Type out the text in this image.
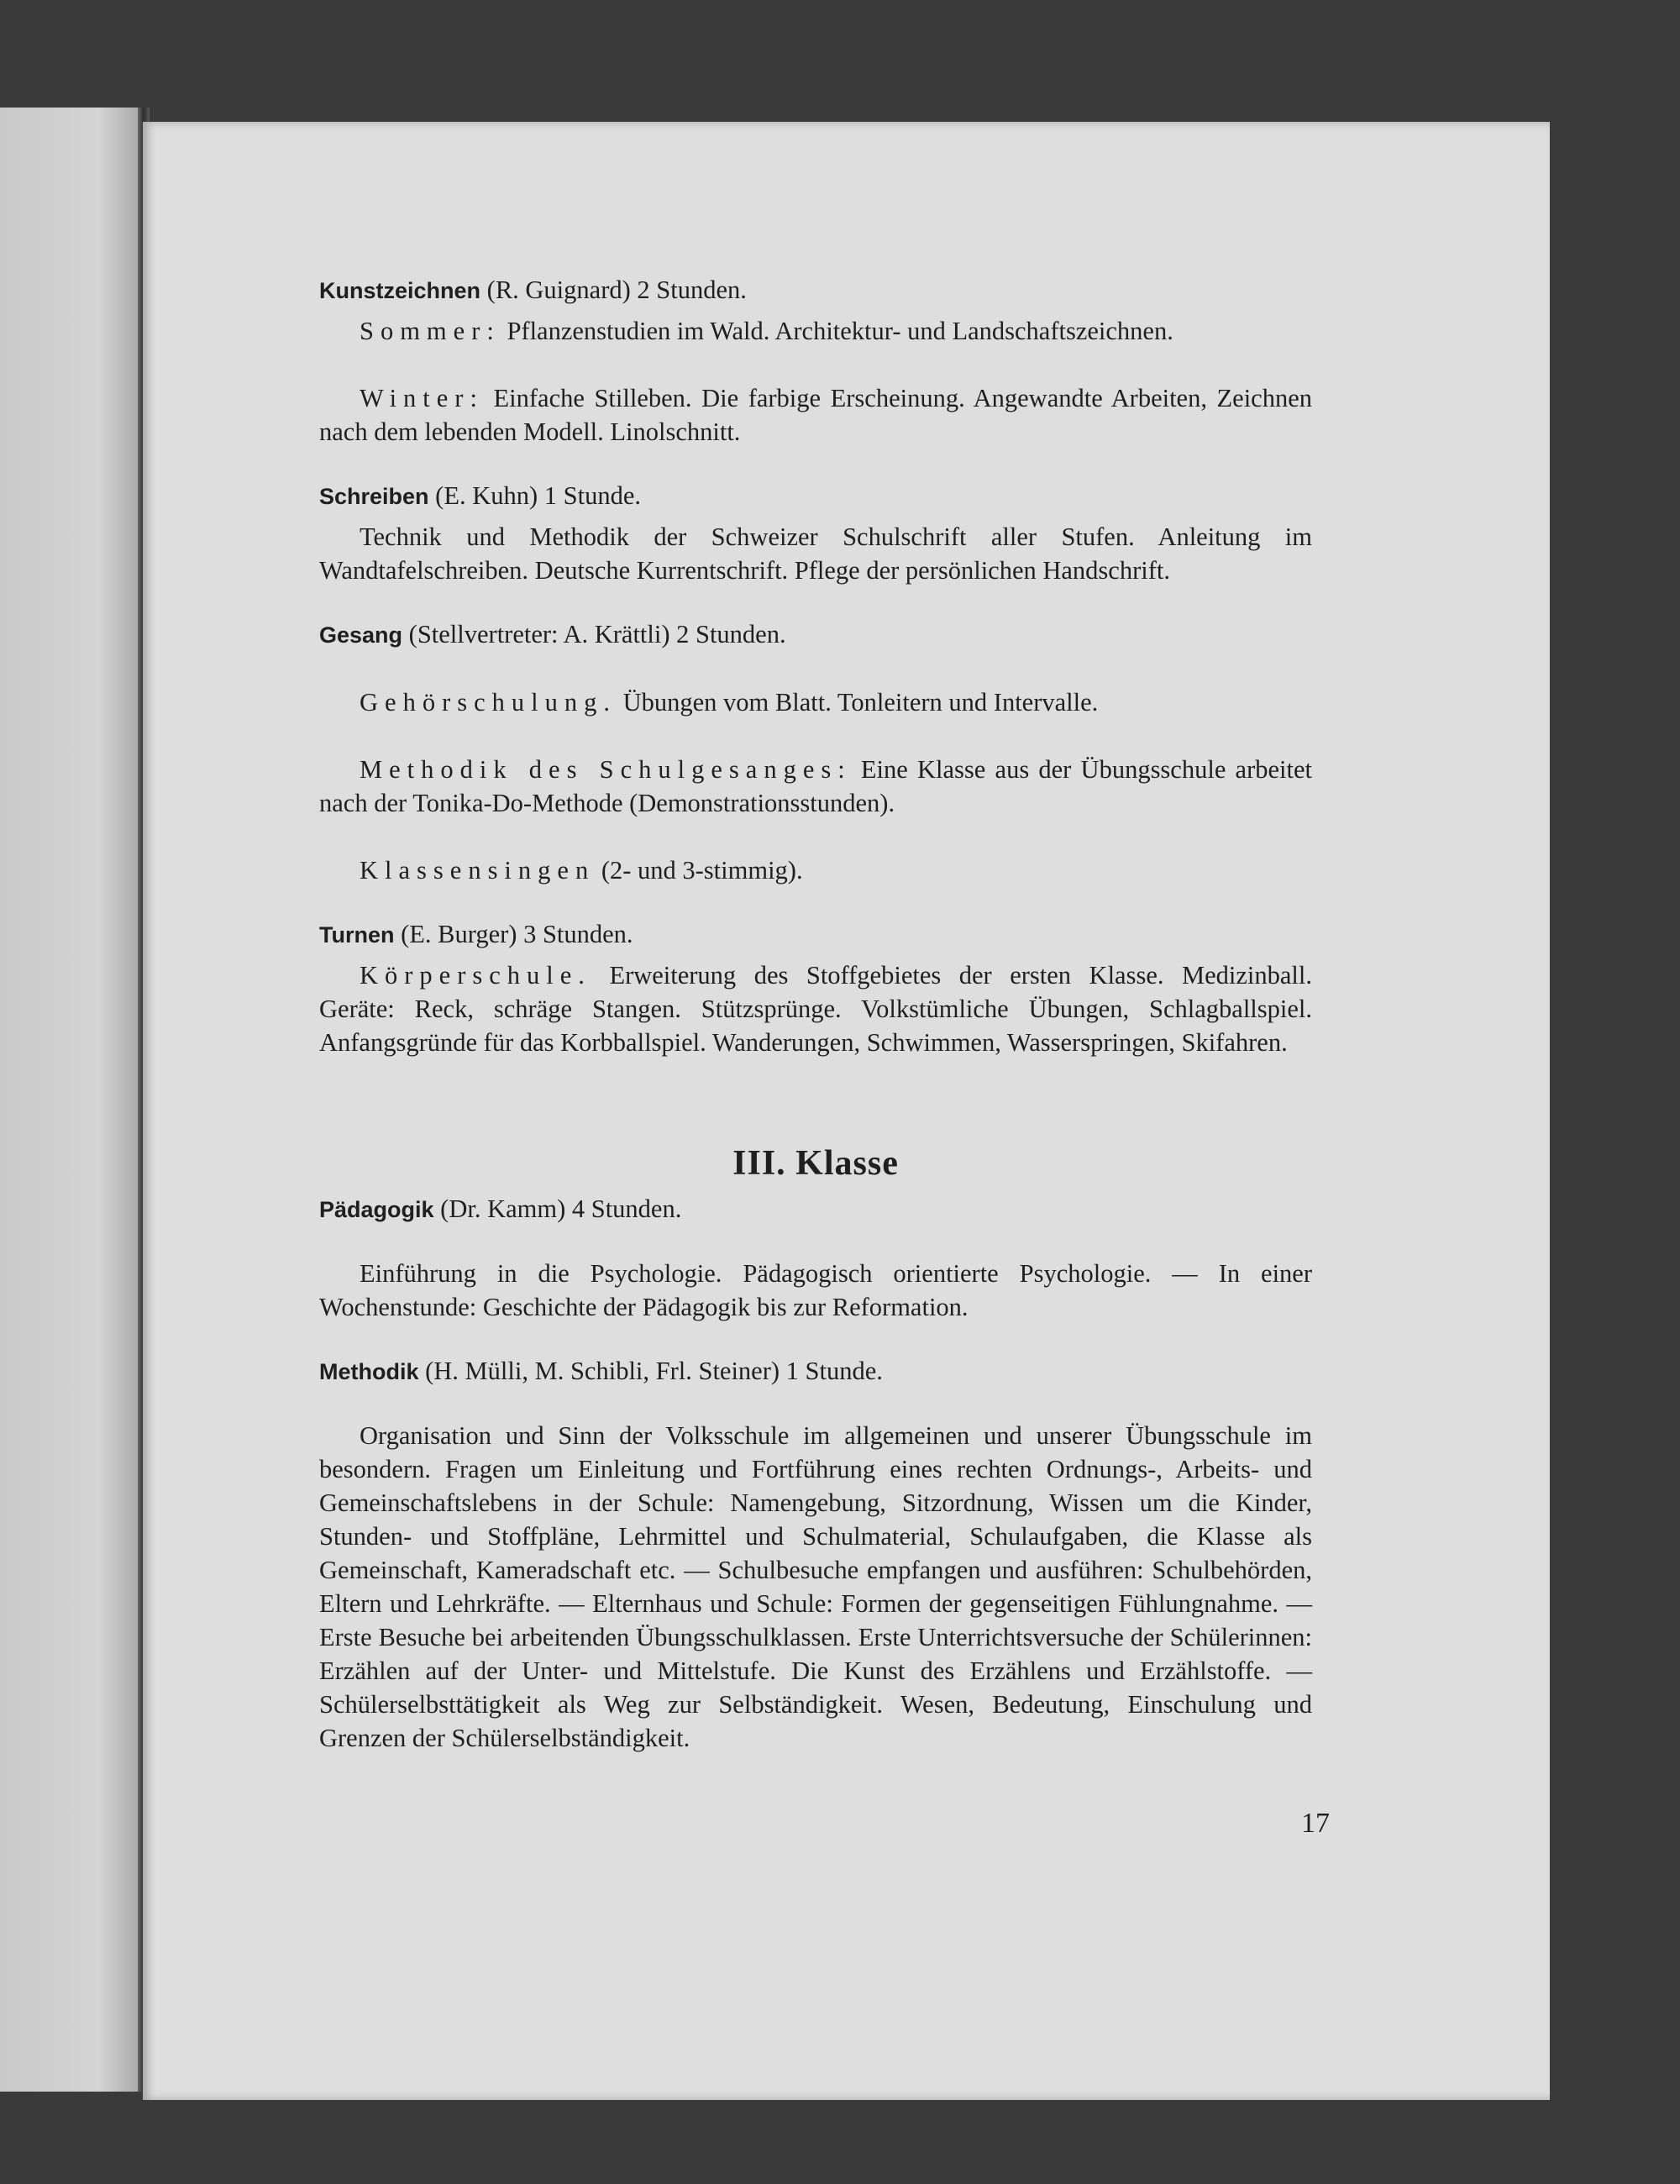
Kunstzeichnen (R. Guignard) 2 Stunden.

Sommer: Pflanzenstudien im Wald. Architektur- und Landschaftszeichnen.

Winter: Einfache Stilleben. Die farbige Erscheinung. Angewandte Arbeiten, Zeichnen nach dem lebenden Modell. Linolschnitt.

Schreiben (E. Kuhn) 1 Stunde.

Technik und Methodik der Schweizer Schulschrift aller Stufen. Anleitung im Wandtafelschreiben. Deutsche Kurrentschrift. Pflege der persönlichen Handschrift.

Gesang (Stellvertreter: A. Krättli) 2 Stunden.

Gehörschulung. Übungen vom Blatt. Tonleitern und Intervalle.

Methodik des Schulgesanges: Eine Klasse aus der Übungsschule arbeitet nach der Tonika-Do-Methode (Demonstrationsstunden).

Klassensingen (2- und 3-stimmig).

Turnen (E. Burger) 3 Stunden.

Körperschule. Erweiterung des Stoffgebietes der ersten Klasse. Medizinball. Geräte: Reck, schräge Stangen. Stützsprünge. Volkstümliche Übungen, Schlagballspiel. Anfangsgründe für das Korbballspiel. Wanderungen, Schwimmen, Wasserspringen, Skifahren.

III. Klasse

Pädagogik (Dr. Kamm) 4 Stunden.

Einführung in die Psychologie. Pädagogisch orientierte Psychologie. — In einer Wochenstunde: Geschichte der Pädagogik bis zur Reformation.

Methodik (H. Mülli, M. Schibli, Frl. Steiner) 1 Stunde.

Organisation und Sinn der Volksschule im allgemeinen und unserer Übungsschule im besondern. Fragen um Einleitung und Fortführung eines rechten Ordnungs-, Arbeits- und Gemeinschaftslebens in der Schule: Namengebung, Sitzordnung, Wissen um die Kinder, Stunden- und Stoffpläne, Lehrmittel und Schulmaterial, Schulaufgaben, die Klasse als Gemeinschaft, Kameradschaft etc. — Schulbesuche empfangen und ausführen: Schulbehörden, Eltern und Lehrkräfte. — Elternhaus und Schule: Formen der gegenseitigen Fühlungnahme. — Erste Besuche bei arbeitenden Übungsschulklassen. Erste Unterrichtsversuche der Schülerinnen: Erzählen auf der Unter- und Mittelstufe. Die Kunst des Erzählens und Erzählstoffe. — Schülerselbsttätigkeit als Weg zur Selbständigkeit. Wesen, Bedeutung, Einschulung und Grenzen der Schülerselbständigkeit.

17
